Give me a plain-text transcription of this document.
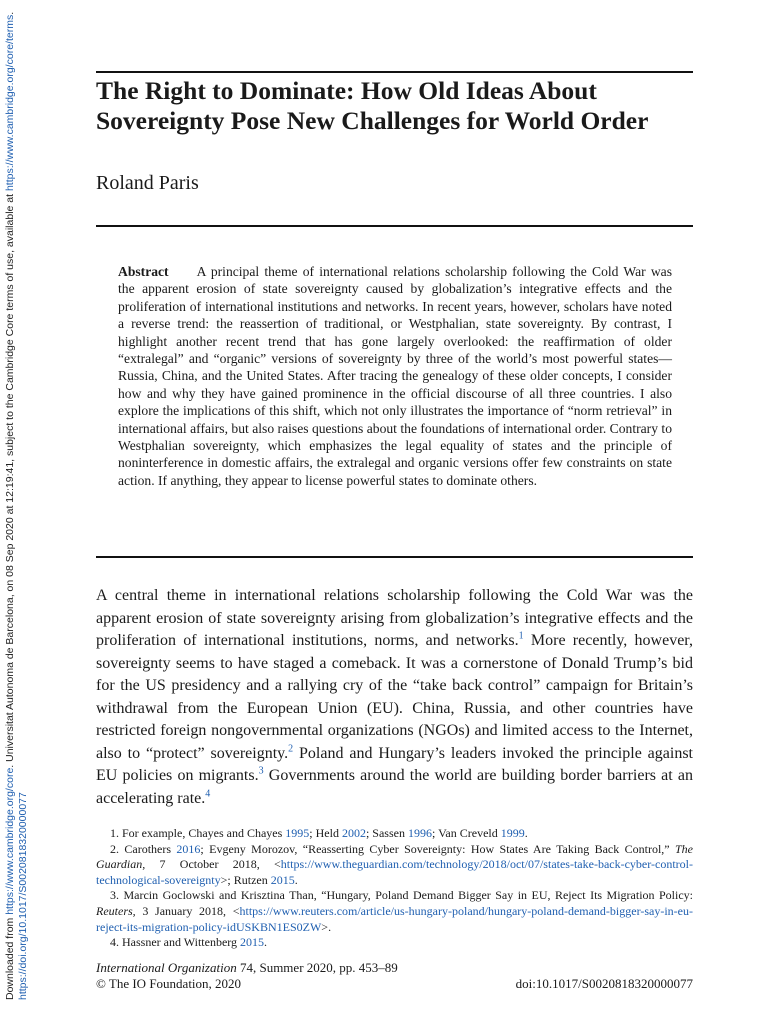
Downloaded from https://www.cambridge.org/core. Universitat Autonoma de Barcelona, on 08 Sep 2020 at 12:19:41, subject to the Cambridge Core terms of use, available at https://www.cambridge.org/core/terms.
https://doi.org/10.1017/S0020818320000077
The Right to Dominate: How Old Ideas About Sovereignty Pose New Challenges for World Order

Roland Paris

Abstract A principal theme of international relations scholarship following the Cold War was the apparent erosion of state sovereignty caused by globalization’s integrative effects and the proliferation of international institutions and networks. In recent years, however, scholars have noted a reverse trend: the reassertion of traditional, or Westphalian, state sovereignty. By contrast, I highlight another recent trend that has gone largely overlooked: the reaffirmation of older “extralegal” and “organic” versions of sovereignty by three of the world’s most powerful states—Russia, China, and the United States. After tracing the genealogy of these older concepts, I consider how and why they have gained prominence in the official discourse of all three countries. I also explore the implications of this shift, which not only illustrates the importance of “norm retrieval” in international affairs, but also raises questions about the foundations of international order. Contrary to Westphalian sovereignty, which emphasizes the legal equality of states and the principle of noninterference in domestic affairs, the extralegal and organic versions offer few constraints on state action. If anything, they appear to license powerful states to dominate others.

A central theme in international relations scholarship following the Cold War was the apparent erosion of state sovereignty arising from globalization’s integrative effects and the proliferation of international institutions, norms, and networks.$^1$ More recently, however, sovereignty seems to have staged a comeback. It was a cornerstone of Donald Trump’s bid for the US presidency and a rallying cry of the “take back control” campaign for Britain’s withdrawal from the European Union (EU). China, Russia, and other countries have restricted foreign nongovernmental organizations (NGOs) and limited access to the Internet, also to “protect” sovereignty.$^2$ Poland and Hungary’s leaders invoked the principle against EU policies on migrants.$^3$ Governments around the world are building border barriers at an accelerating rate.$^4$

1. For example, Chayes and Chayes 1995; Held 2002; Sassen 1996; Van Creveld 1999.
2. Carothers 2016; Evgeny Morozov, “Reasserting Cyber Sovereignty: How States Are Taking Back Control,” The Guardian, 7 October 2018, <https://www.theguardian.com/technology/2018/oct/07/states-take-back-cyber-control-technological-sovereignty>; Rutzen 2015.
3. Marcin Goclowski and Krisztina Than, “Hungary, Poland Demand Bigger Say in EU, Reject Its Migration Policy: Reuters, 3 January 2018, <https://www.reuters.com/article/us-hungary-poland/hungary-poland-demand-bigger-say-in-eu-reject-its-migration-policy-idUSKBN1ES0ZW>.
4. Hassner and Wittenberg 2015.
International Organization 74, Summer 2020, pp. 453–89
© The IO Foundation, 2020	doi:10.1017/S0020818320000077
